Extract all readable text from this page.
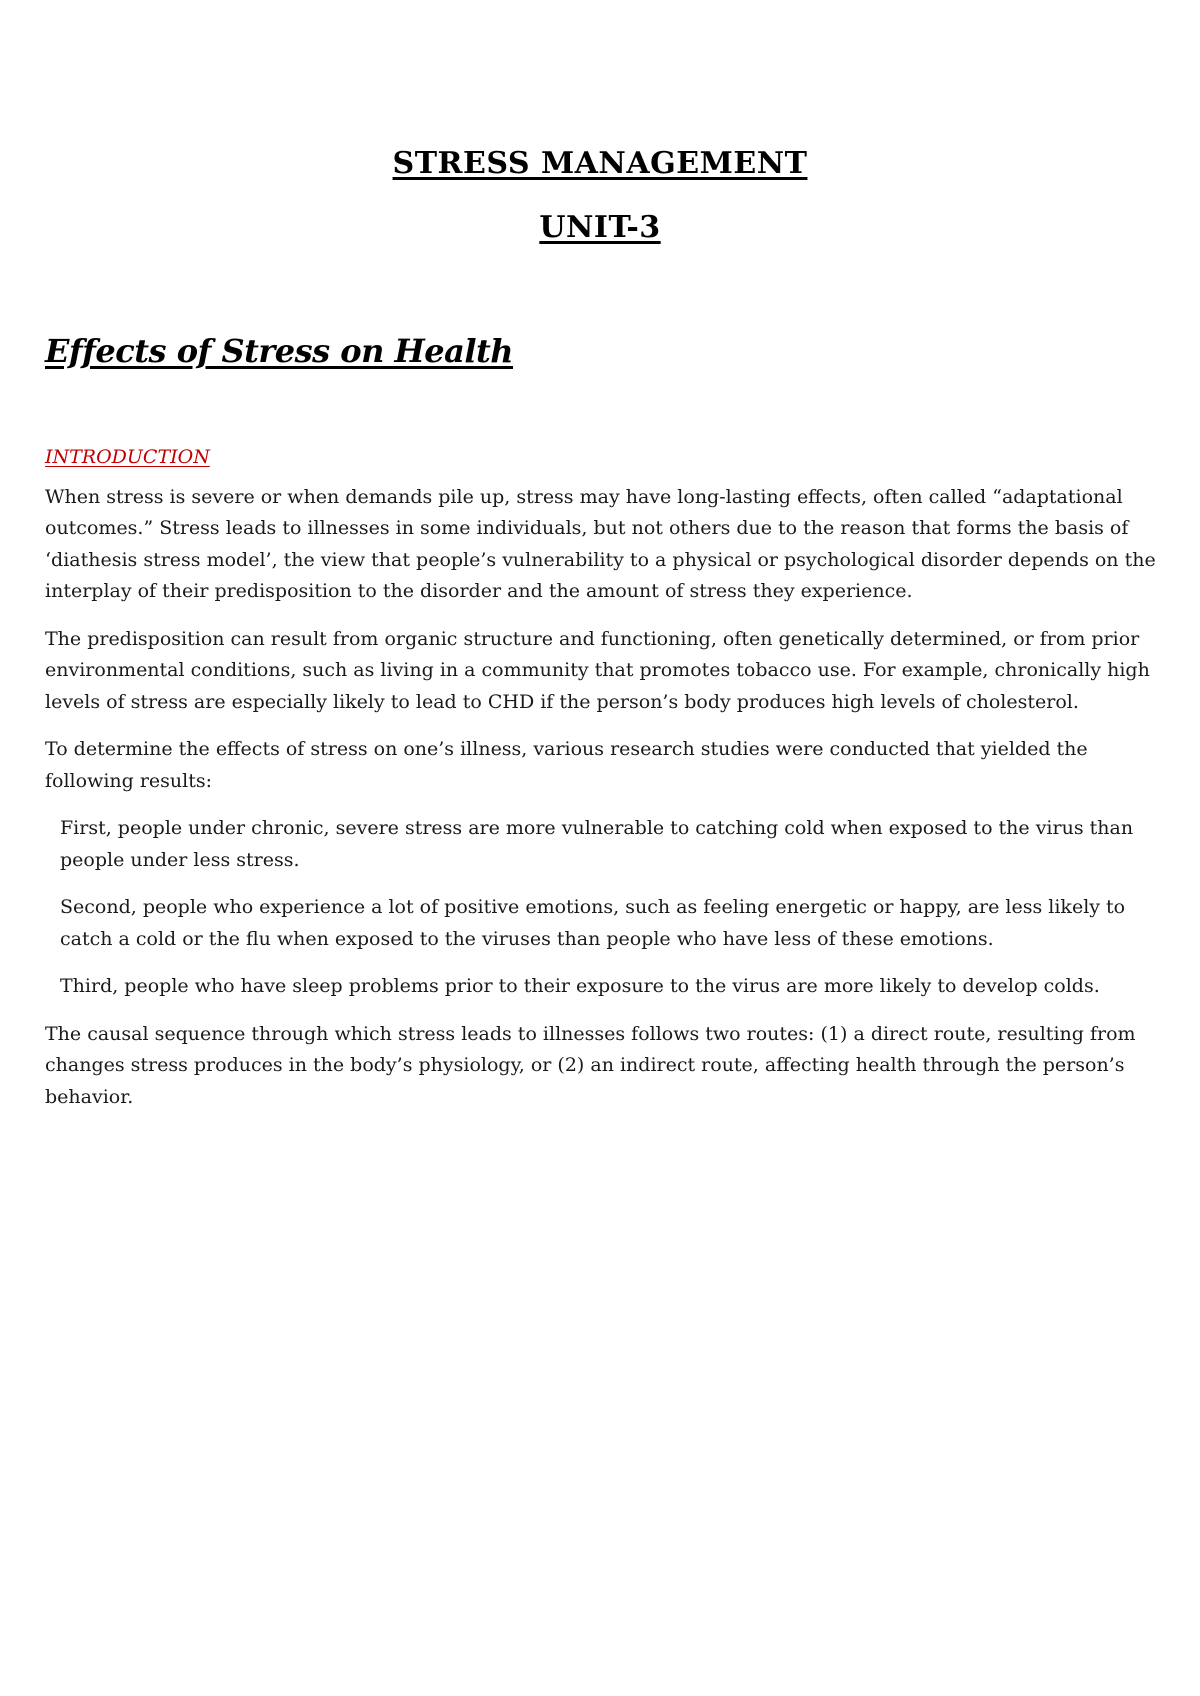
STRESS MANAGEMENT
UNIT-3
Effects of Stress on Health

INTRODUCTION

When stress is severe or when demands pile up, stress may have long-lasting effects, often called “adaptational outcomes.” Stress leads to illnesses in some individuals, but not others due to the reason that forms the basis of ‘diathesis stress model’, the view that people’s vulnerability to a physical or psychological disorder depends on the interplay of their predisposition to the disorder and the amount of stress they experience.

The predisposition can result from organic structure and functioning, often genetically determined, or from prior environmental conditions, such as living in a community that promotes tobacco use. For example, chronically high levels of stress are especially likely to lead to CHD if the person’s body produces high levels of cholesterol.

To determine the effects of stress on one’s illness, various research studies were conducted that yielded the following results:

First, people under chronic, severe stress are more vulnerable to catching cold when exposed to the virus than people under less stress.
Second, people who experience a lot of positive emotions, such as feeling energetic or happy, are less likely to catch a cold or the flu when exposed to the viruses than people who have less of these emotions.
Third, people who have sleep problems prior to their exposure to the virus are more likely to develop colds.

The causal sequence through which stress leads to illnesses follows two routes: (1) a direct route, resulting from changes stress produces in the body’s physiology, or (2) an indirect route, affecting health through the person’s behavior.
